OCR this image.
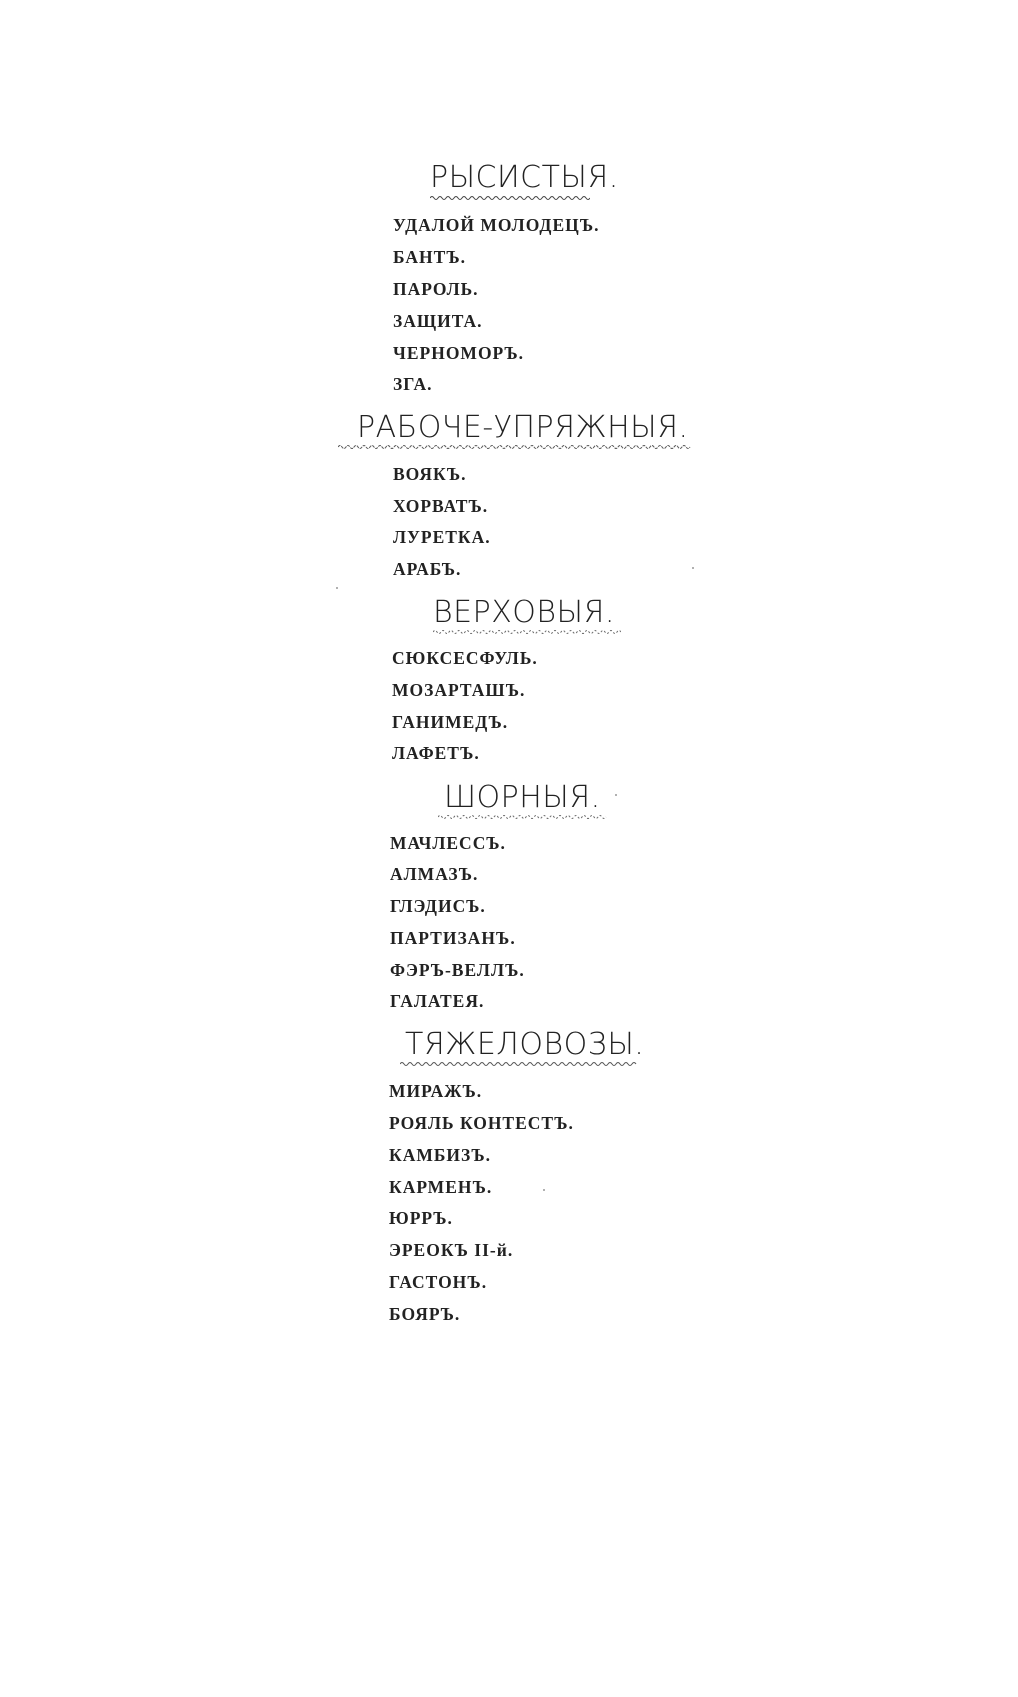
РЫСИСТЫЯ.
УДАЛОЙ МОЛОДЕЦЪ.
БАНТЪ.
ПАРОЛЬ.
ЗАЩИТА.
ЧЕРНОМОРЪ.
ЗГА.
РАБОЧЕ-УПРЯЖНЫЯ.
ВОЯКЪ.
ХОРВАТЪ.
ЛУРЕТКА.
АРАБЪ.
ВЕРХОВЫЯ.
СЮКСЕСФУЛЬ.
МОЗАРТАШЪ.
ГАНИМЕДЪ.
ЛАФЕТЪ.
ШОРНЫЯ.
МАЧЛЕССЪ.
АЛМАЗЪ.
ГЛЭДИСЪ.
ПАРТИЗАНЪ.
ФЭРЪ-ВЕЛЛЪ.
ГАЛАТЕЯ.
ТЯЖЕЛОВОЗЫ.
МИРАЖЪ.
РОЯЛЬ КОНТЕСТЪ.
КАМБИЗЪ.
КАРМЕНЪ.
ЮРРЪ.
ЭРЕОКЪ II-й.
ГАСТОНЪ.
БОЯРЪ.
